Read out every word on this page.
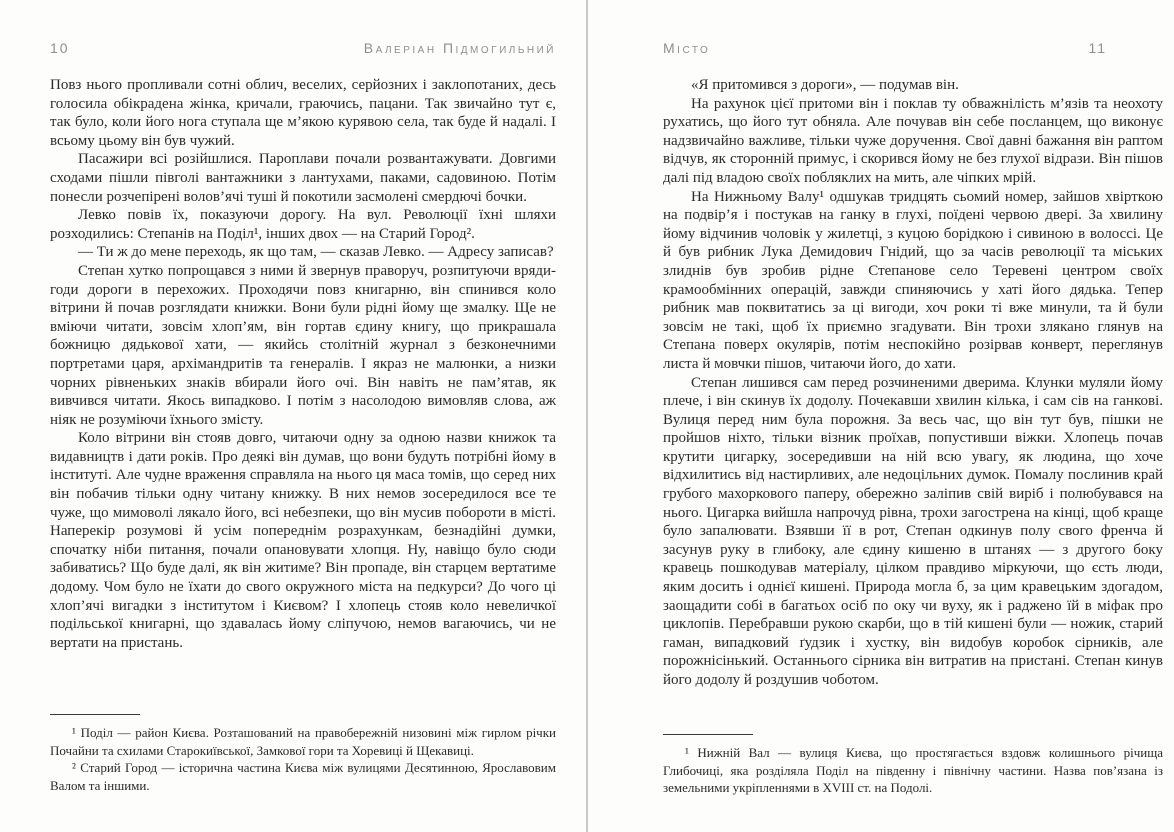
10	Валеріан Підмогильний

Повз нього пропливали сотні облич, веселих, серйозних і заклопотаних, десь голосила обікрадена жінка, кричали, граючись, пацани. Так звичайно тут є, так було, коли його нога ступала ще м’якою курявою села, так буде й надалі. І всьому цьому він був чужий.

Пасажири всі розійшлися. Пароплави почали розвантажувати. Довгими сходами пішли півголі вантажники з лантухами, паками, садовиною. Потім понесли розчепірені волов’ячі туші й покотили засмолені смердючі бочки.

Левко повів їх, показуючи дорогу. На вул. Революції їхні шляхи розходились: Степанів на Поділ¹, інших двох — на Старий Город².

— Ти ж до мене переходь, як що там, — сказав Левко. — Адресу записав?

Степан хутко попрощався з ними й звернув праворуч, розпитуючи вряди-годи дороги в перехожих. Проходячи повз книгарню, він спинився коло вітрини й почав розглядати книжки. Вони були рідні йому ще змалку. Ще не вміючи читати, зовсім хлоп’ям, він гортав єдину книгу, що прикрашала божницю дядькової хати, — якийсь столітній журнал з безконечними портретами царя, архімандритів та генералів. І якраз не малюнки, а низки чорних рівненьких знаків вбирали його очі. Він навіть не пам’ятав, як вивчився читати. Якось випадково. І потім з насолодою вимовляв слова, аж ніяк не розуміючи їхнього змісту.

Коло вітрини він стояв довго, читаючи одну за одною назви книжок та видавництв і дати років. Про деякі він думав, що вони будуть потрібні йому в інституті. Але чудне враження справляла на нього ця маса томів, що серед них він побачив тільки одну читану книжку. В них немов зосередилося все те чуже, що мимоволі лякало його, всі небезпеки, що він мусив побороти в місті. Наперекір розумові й усім попереднім розрахункам, безнадійні думки, спочатку ніби питання, почали опановувати хлопця. Ну, навіщо було сюди забиватись? Що буде далі, як він житиме? Він пропаде, він старцем вертатиме додому. Чом було не їхати до свого окружного міста на педкурси? До чого ці хлоп’ячі вигадки з інститутом і Києвом? І хлопець стояв коло невеличкої подільської книгарні, що здавалась йому сліпучою, немов вагаючись, чи не вертати на пристань.

¹ Поділ — район Києва. Розташований на правобережній низовині між гирлом річки Почайни та схилами Старокиївської, Замкової гори та Хоревиці й Щекавиці.

² Старий Город — історична частина Києва між вулицями Десятинною, Ярославовим Валом та іншими.

Місто	11

«Я притомився з дороги», — подумав він.

На рахунок цієї притоми він і поклав ту обважнілість м’язів та неохоту рухатись, що його тут обняла. Але почував він себе посланцем, що виконує надзвичайно важливе, тільки чуже доручення. Свої давні бажання він раптом відчув, як сторонній примус, і скорився йому не без глухої відрази. Він пішов далі під владою своїх побляклих на мить, але чіпких мрій.

На Нижньому Валу¹ одшукав тридцять сьомий номер, зайшов хвірткою на подвір’я і постукав на ганку в глухі, поїдені червою двері. За хвилину йому відчинив чоловік у жилетці, з куцою борідкою і сивиною в волоссі. Це й був рибник Лука Демидович Гнідий, що за часів революції та міських злиднів був зробив рідне Степанове село Теревені центром своїх крамообмінних операцій, завжди спиняючись у хаті його дядька. Тепер рибник мав поквитатись за ці вигоди, хоч роки ті вже минули, та й були зовсім не такі, щоб їх приємно згадувати. Він трохи злякано глянув на Степана поверх окулярів, потім неспокійно розірвав конверт, переглянув листа й мовчки пішов, читаючи його, до хати.

Степан лишився сам перед розчиненими дверима. Клунки муляли йому плече, і він скинув їх додолу. Почекавши хвилин кілька, і сам сів на ганкові. Вулиця перед ним була порожня. За весь час, що він тут був, пішки не пройшов ніхто, тільки візник проїхав, попустивши віжки. Хлопець почав крутити цигарку, зосередивши на ній всю увагу, як людина, що хоче відхилитись від настирливих, але недоцільних думок. Помалу послинив край грубого махоркового паперу, обережно заліпив свій виріб і полюбувався на нього. Цигарка вийшла напрочуд рівна, трохи загострена на кінці, щоб краще було запалювати. Взявши її в рот, Степан одкинув полу свого френча й засунув руку в глибоку, але єдину кишеню в штанях — з другого боку кравець пошкодував матеріалу, цілком правдиво міркуючи, що єсть люди, яким досить і однієї кишені. Природа могла б, за цим кравецьким здогадом, заощадити собі в багатьох осіб по оку чи вуху, як і раджено їй в міфак про циклопів. Перебравши рукою скарби, що в тій кишені були — ножик, старий гаман, випадковий ґудзик і хустку, він видобув коробок сірників, але порожнісінький. Останнього сірника він витратив на пристані. Степан кинув його додолу й роздушив чоботом.

¹ Нижній Вал — вулиця Києва, що простягається вздовж колишнього річища Глибочиці, яка розділяла Поділ на південну і північну частини. Назва пов’язана із земельними укріпленнями в XVIII ст. на Подолі.
